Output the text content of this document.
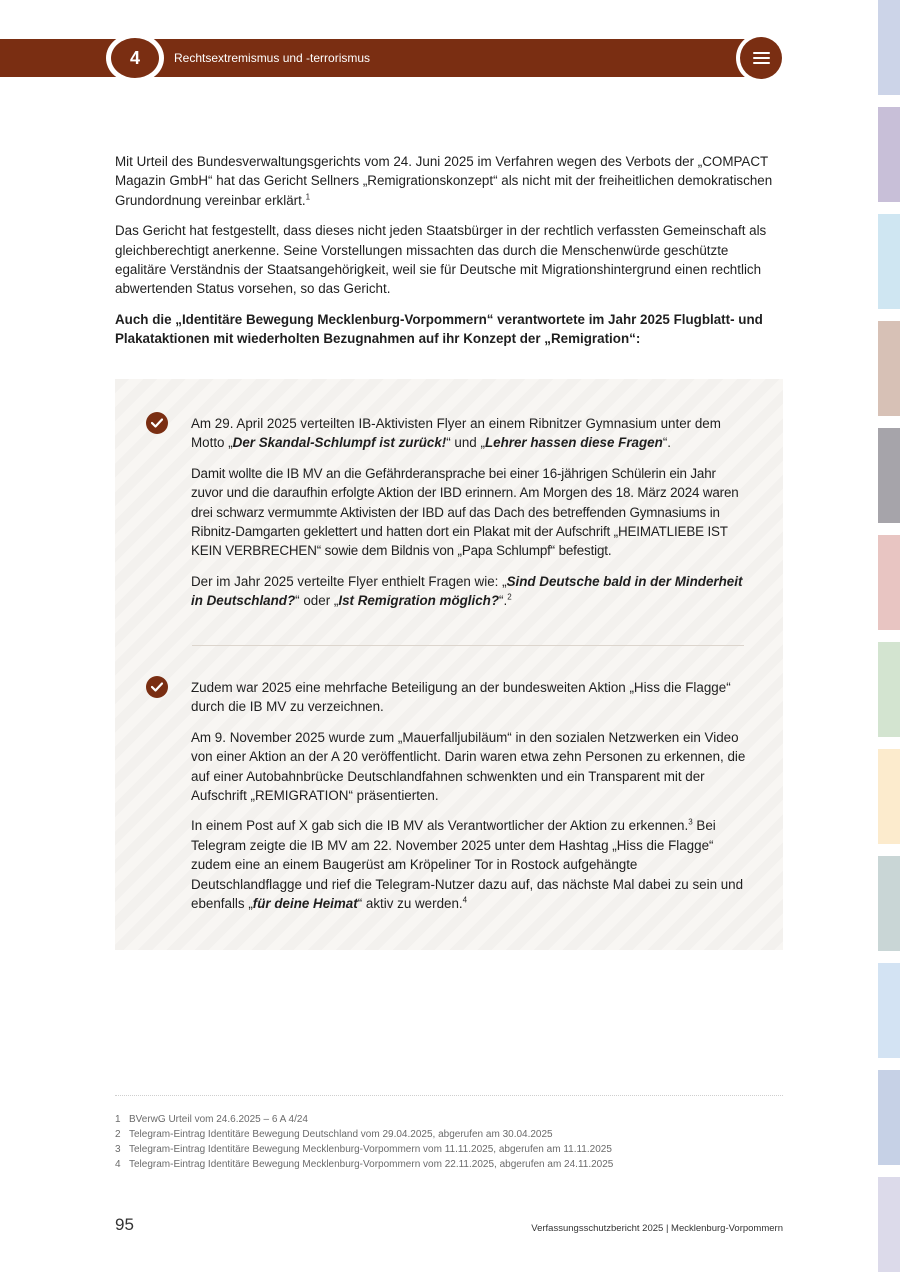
4	Rechtsextremismus und -terrorismus

Mit Urteil des Bundesverwaltungsgerichts vom 24. Juni 2025 im Verfahren wegen des Verbots der „COMPACT Magazin GmbH“ hat das Gericht Sellners „Remigrationskonzept“ als nicht mit der freiheitlichen demokratischen Grundordnung vereinbar erklärt.$^1$

Das Gericht hat festgestellt, dass dieses nicht jeden Staatsbürger in der rechtlich verfassten Gemeinschaft als gleichberechtigt anerkenne. Seine Vorstellungen missachten das durch die Menschenwürde geschützte egalitäre Verständnis der Staatsangehörigkeit, weil sie für Deutsche mit Migrationshintergrund einen rechtlich abwertenden Status vorsehen, so das Gericht.

Auch die „Identitäre Bewegung Mecklenburg-Vorpommern“ verantwortete im Jahr 2025 Flugblatt- und Plakataktionen mit wiederholten Bezugnahmen auf ihr Konzept der „Remigration“:

Am 29. April 2025 verteilten IB-Aktivisten Flyer an einem Ribnitzer Gymnasium unter dem Motto „Der Skandal-Schlumpf ist zurück!“ und „Lehrer hassen diese Fragen“.

Damit wollte die IB MV an die Gefährderansprache bei einer 16-jährigen Schülerin ein Jahr zuvor und die daraufhin erfolgte Aktion der IBD erinnern. Am Morgen des 18. März 2024 waren drei schwarz vermummte Aktivisten der IBD auf das Dach des betreffenden Gymnasiums in Ribnitz-Damgarten geklettert und hatten dort ein Plakat mit der Aufschrift „HEIMATLIEBE IST KEIN VERBRECHEN“ sowie dem Bildnis von „Papa Schlumpf“ befestigt.

Der im Jahr 2025 verteilte Flyer enthielt Fragen wie: „Sind Deutsche bald in der Minderheit in Deutschland?“ oder „Ist Remigration möglich?“.$^2$

Zudem war 2025 eine mehrfache Beteiligung an der bundesweiten Aktion „Hiss die Flagge“ durch die IB MV zu verzeichnen.

Am 9. November 2025 wurde zum „Mauerfalljubiläum“ in den sozialen Netzwerken ein Video von einer Aktion an der A 20 veröffentlicht. Darin waren etwa zehn Personen zu erkennen, die auf einer Autobahnbrücke Deutschlandfahnen schwenkten und ein Transparent mit der Aufschrift „REMIGRATION“ präsentierten.

In einem Post auf X gab sich die IB MV als Verantwortlicher der Aktion zu erkennen.$^3$ Bei Telegram zeigte die IB MV am 22. November 2025 unter dem Hashtag „Hiss die Flagge“ zudem eine an einem Baugerüst am Kröpeliner Tor in Rostock aufgehängte Deutschlandflagge und rief die Telegram-Nutzer dazu auf, das nächste Mal dabei zu sein und ebenfalls „für deine Heimat“ aktiv zu werden.$^4$

1 BVerwG Urteil vom 24.6.2025 – 6 A 4/24
2 Telegram-Eintrag Identitäre Bewegung Deutschland vom 29.04.2025, abgerufen am 30.04.2025
3 Telegram-Eintrag Identitäre Bewegung Mecklenburg-Vorpommern vom 11.11.2025, abgerufen am 11.11.2025
4 Telegram-Eintrag Identitäre Bewegung Mecklenburg-Vorpommern vom 22.11.2025, abgerufen am 24.11.2025
95	Verfassungsschutzbericht 2025 | Mecklenburg-Vorpommern
